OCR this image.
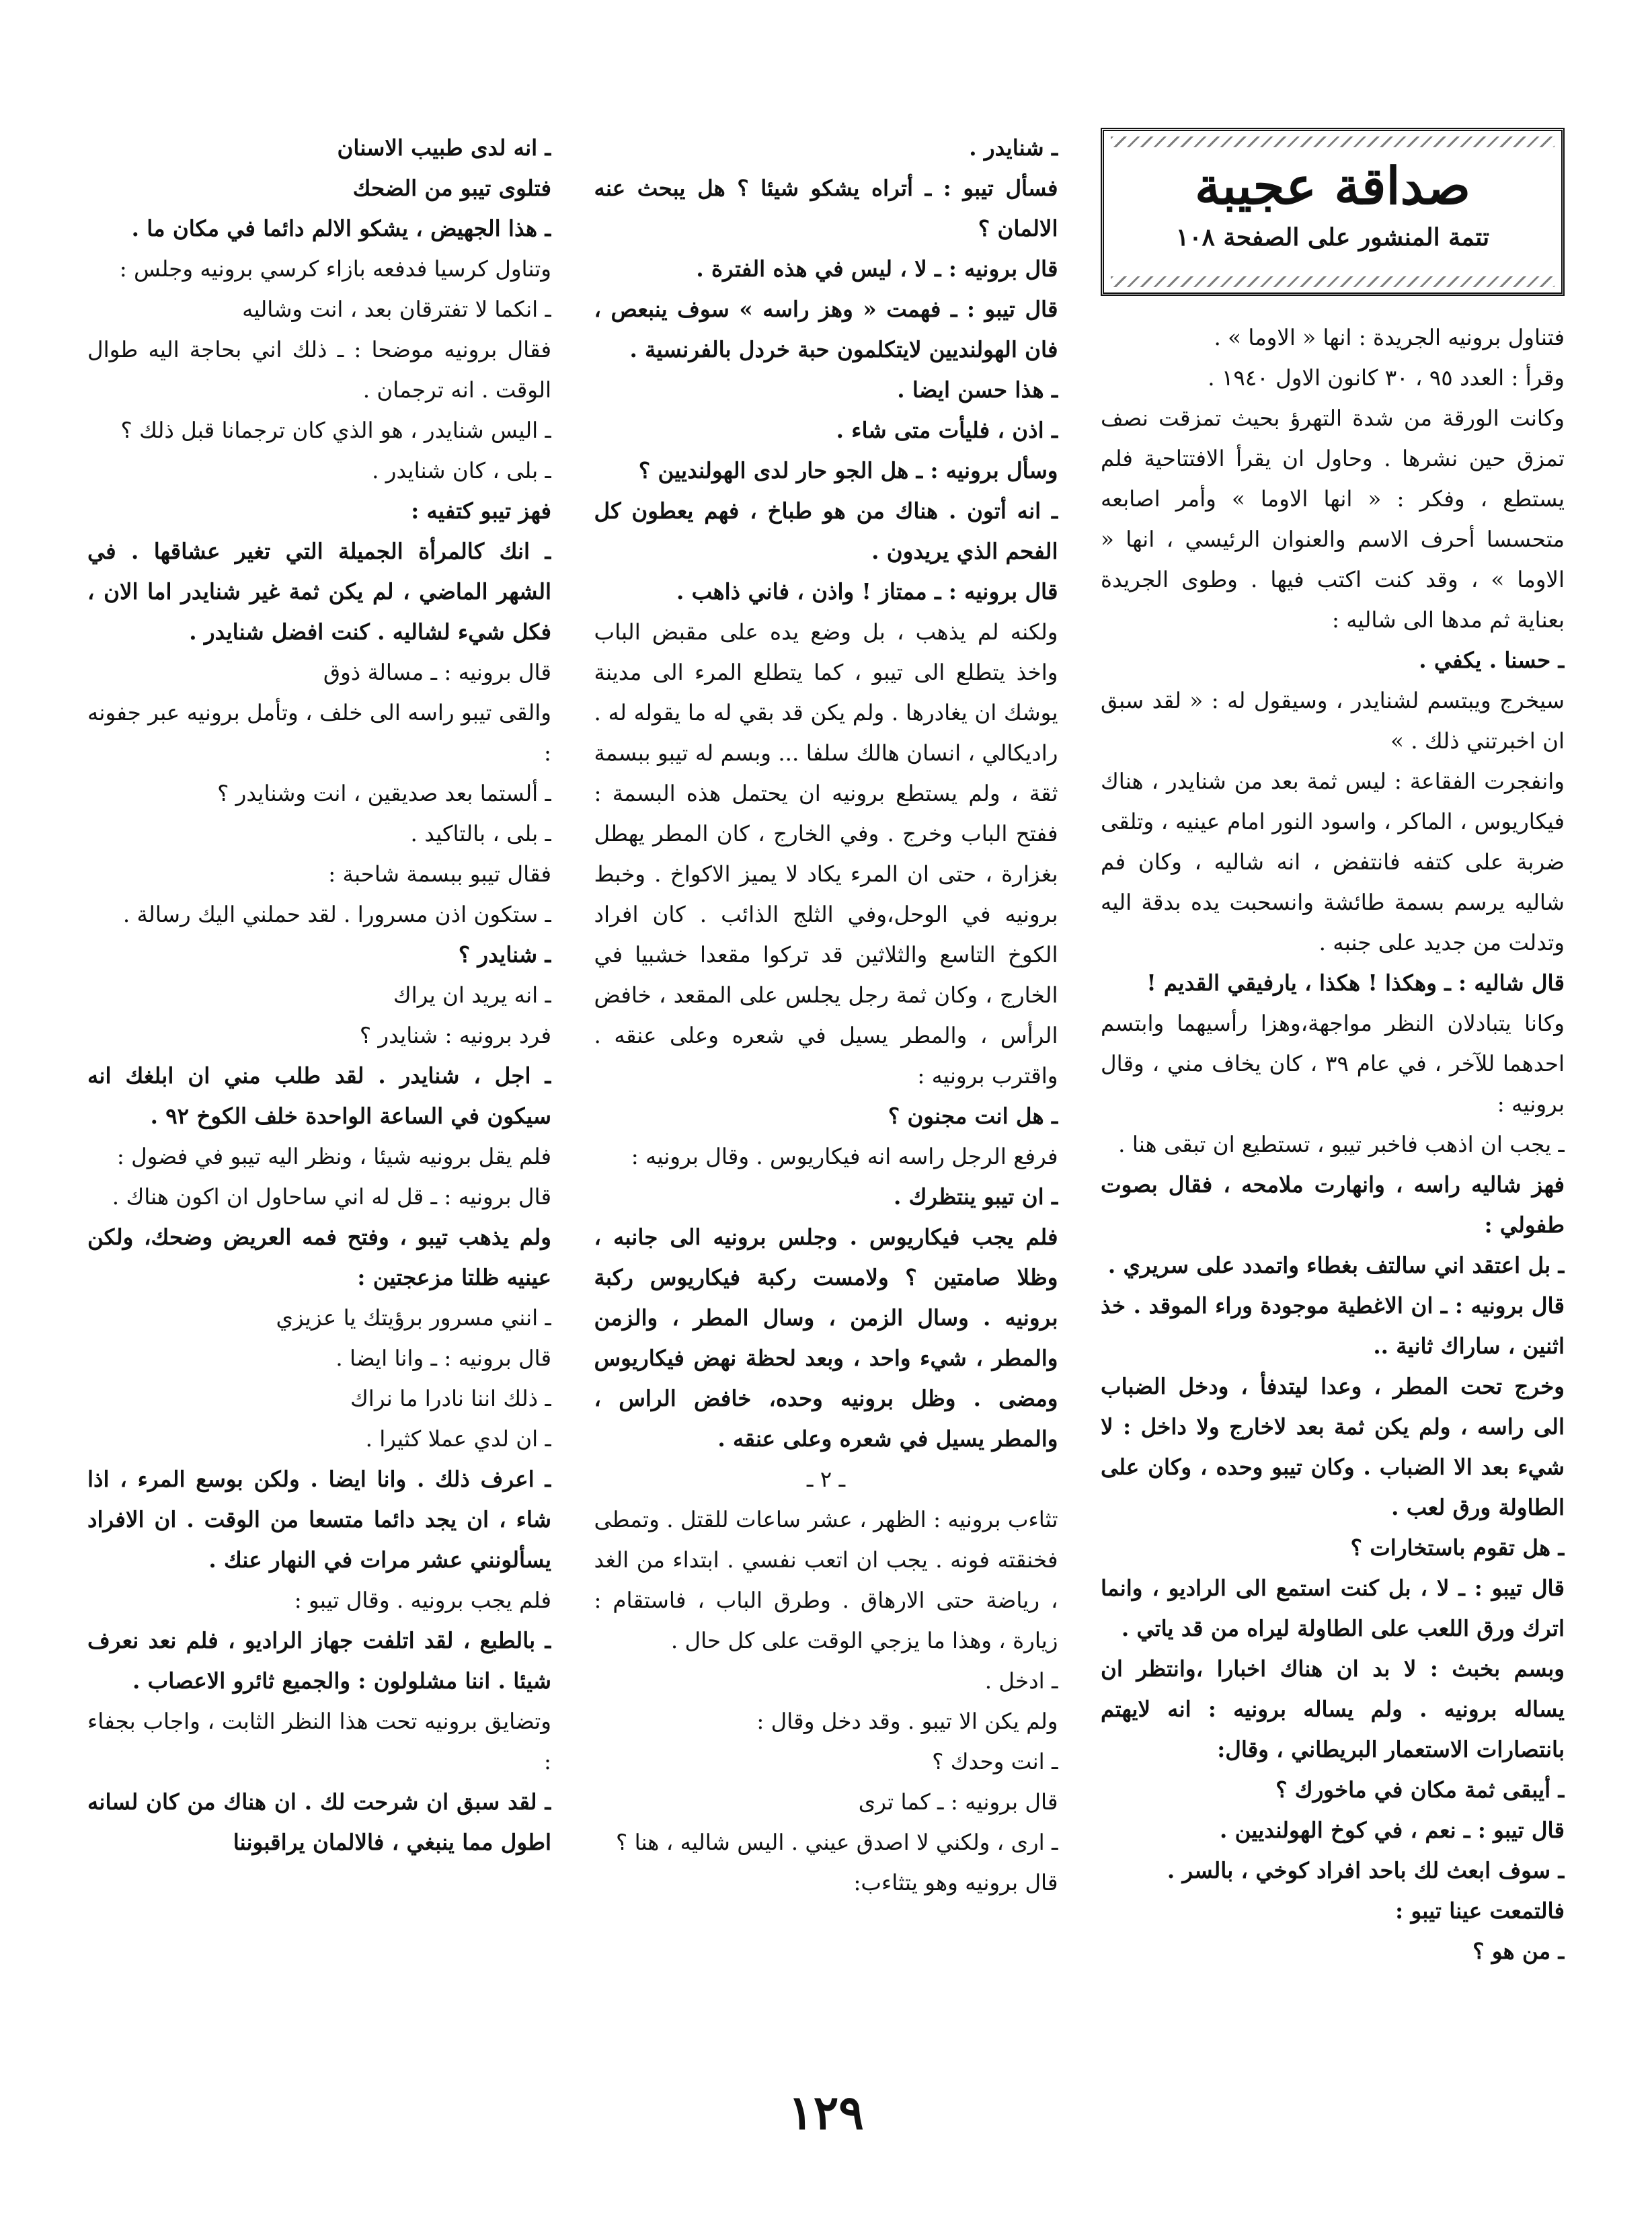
صداقة عجيبة
تتمة المنشور على الصفحة ١٠٨

فتناول برونيه الجريدة : انها « الاوما » .

وقرأ : العدد ٩٥ ، ٣٠ كانون الاول ١٩٤٠ .

وكانت الورقة من شدة التهرؤ بحيث تمزقت نصف تمزق حين نشرها . وحاول ان يقرأ الافتتاحية فلم يستطع ، وفكر : « انها الاوما » وأمر اصابعه متحسسا أحرف الاسم والعنوان الرئيسي ، انها « الاوما » ، وقد كنت اكتب فيها . وطوى الجريدة بعناية ثم مدها الى شاليه :

ـ حسنا . يكفي .

سيخرج ويبتسم لشنايدر ، وسيقول له : « لقد سبق ان اخبرتني ذلك . »

وانفجرت الفقاعة : ليس ثمة بعد من شنايدر ، هناك فيكاريوس ، الماكر ، واسود النور امام عينيه ، وتلقى ضربة على كتفه فانتفض ، انه شاليه ، وكان فم شاليه يرسم بسمة طائشة وانسحبت يده بدقة اليه وتدلت من جديد على جنبه .

قال شاليه : ـ وهكذا ! هكذا ، يارفيقي القديم !

وكانا يتبادلان النظر مواجهة،وهزا رأسيهما وابتسم احدهما للآخر ، في عام ٣٩ ، كان يخاف مني ، وقال برونيه :

ـ يجب ان اذهب فاخبر تيبو ، تستطيع ان تبقى هنا .

فهز شاليه راسه ، وانهارت ملامحه ، فقال بصوت طفولي :

ـ بل اعتقد اني سالتف بغطاء واتمدد على سريري .

قال برونيه : ـ ان الاغطية موجودة وراء الموقد . خذ اثنين ، ساراك ثانية ..

وخرج تحت المطر ، وعدا ليتدفأ ، ودخل الضباب الى راسه ، ولم يكن ثمة بعد لاخارج ولا داخل : لا شيء بعد الا الضباب . وكان تيبو وحده ، وكان على الطاولة ورق لعب .

ـ هل تقوم باستخارات ؟

قال تيبو : ـ لا ، بل كنت استمع الى الراديو ، وانما اترك ورق اللعب على الطاولة ليراه من قد ياتي .

وبسم بخبث : لا بد ان هناك اخبارا ،وانتظر ان يساله برونيه . ولم يساله برونيه : انه لايهتم بانتصارات الاستعمار البريطاني ، وقال:

ـ أيبقى ثمة مكان في ماخورك ؟

قال تيبو : ـ نعم ، في كوخ الهولنديين .

ـ سوف ابعث لك باحد افراد كوخي ، بالسر .

فالتمعت عينا تيبو :

ـ من هو ؟

ـ شنايدر .

فسأل تيبو : ـ أتراه يشكو شيئا ؟ هل يبحث عنه الالمان ؟

قال برونيه : ـ لا ، ليس في هذه الفترة .

قال تيبو : ـ فهمت « وهز راسه » سوف ينبعص ، فان الهولنديين لايتكلمون حبة خردل بالفرنسية .

ـ هذا حسن ايضا .

ـ اذن ، فليأت متى شاء .

وسأل برونيه : ـ هل الجو حار لدى الهولنديين ؟

ـ انه أتون . هناك من هو طباخ ، فهم يعطون كل الفحم الذي يريدون .

قال برونيه : ـ ممتاز ! واذن ، فاني ذاهب .

ولكنه لم يذهب ، بل وضع يده على مقبض الباب واخذ يتطلع الى تيبو ، كما يتطلع المرء الى مدينة يوشك ان يغادرها . ولم يكن قد بقي له ما يقوله له . راديكالي ، انسان هالك سلفا ... وبسم له تيبو ببسمة ثقة ، ولم يستطع برونيه ان يحتمل هذه البسمة : ففتح الباب وخرج . وفي الخارج ، كان المطر يهطل بغزارة ، حتى ان المرء يكاد لا يميز الاكواخ . وخبط برونيه في الوحل،وفي الثلج الذائب . كان افراد الكوخ التاسع والثلاثين قد تركوا مقعدا خشبيا في الخارج ، وكان ثمة رجل يجلس على المقعد ، خافض الرأس ، والمطر يسيل في شعره وعلى عنقه . واقترب برونيه :

ـ هل انت مجنون ؟

فرفع الرجل راسه انه فيكاريوس . وقال برونيه :

ـ ان تيبو ينتظرك .

فلم يجب فيكاريوس . وجلس برونيه الى جانبه ، وظلا صامتين ؟ ولامست ركبة فيكاريوس ركبة برونيه . وسال الزمن ، وسال المطر ، والزمن والمطر ، شيء واحد ، وبعد لحظة نهض فيكاريوس ومضى . وظل برونيه وحده، خافض الراس ، والمطر يسيل في شعره وعلى عنقه .

ـ ٢ ـ

تثاءب برونيه : الظهر ، عشر ساعات للقتل . وتمطى فخنقته فونه . يجب ان اتعب نفسي . ابتداء من الغد ، رياضة حتى الارهاق . وطرق الباب ، فاستقام : زيارة ، وهذا ما يزجي الوقت على كل حال .

ـ ادخل .

ولم يكن الا تيبو . وقد دخل وقال :

ـ انت وحدك ؟

قال برونيه : ـ كما ترى

ـ ارى ، ولكني لا اصدق عيني . اليس شاليه ، هنا ؟

قال برونيه وهو يتثاءب:

ـ انه لدى طبيب الاسنان

فتلوى تيبو من الضحك

ـ هذا الجهيض ، يشكو الالم دائما في مكان ما .

وتناول كرسيا فدفعه بازاء كرسي برونيه وجلس :

ـ انكما لا تفترقان بعد ، انت وشاليه

فقال برونيه موضحا : ـ ذلك اني بحاجة اليه طوال الوقت . انه ترجمان .

ـ اليس شنايدر ، هو الذي كان ترجمانا قبل ذلك ؟

ـ بلى ، كان شنايدر .

فهز تيبو كتفيه :

ـ انك كالمرأة الجميلة التي تغير عشاقها . في الشهر الماضي ، لم يكن ثمة غير شنايدر اما الان ، فكل شيء لشاليه . كنت افضل شنايدر .

قال برونيه : ـ مسالة ذوق

والقى تيبو راسه الى خلف ، وتأمل برونيه عبر جفونه :

ـ ألستما بعد صديقين ، انت وشنايدر ؟

ـ بلى ، بالتاكيد .

فقال تيبو ببسمة شاحبة :

ـ ستكون اذن مسرورا . لقد حملني اليك رسالة .

ـ شنايدر ؟

ـ انه يريد ان يراك

فرد برونيه : شنايدر ؟

ـ اجل ، شنايدر . لقد طلب مني ان ابلغك انه سيكون في الساعة الواحدة خلف الكوخ ٩٢ .

فلم يقل برونيه شيئا ، ونظر اليه تيبو في فضول :

قال برونيه : ـ قل له اني ساحاول ان اكون هناك .

ولم يذهب تيبو ، وفتح فمه العريض وضحك، ولكن عينيه ظلتا مزعجتين :

ـ انني مسرور برؤيتك يا عزيزي

قال برونيه : ـ وانا ايضا .

ـ ذلك اننا نادرا ما نراك

ـ ان لدي عملا كثيرا .

ـ اعرف ذلك . وانا ايضا . ولكن بوسع المرء ، اذا شاء ، ان يجد دائما متسعا من الوقت . ان الافراد يسألونني عشر مرات في النهار عنك .

فلم يجب برونيه . وقال تيبو :

ـ بالطبع ، لقد اتلفت جهاز الراديو ، فلم نعد نعرف شيئا . اننا مشلولون : والجميع ثائرو الاعصاب .

وتضايق برونيه تحت هذا النظر الثابت ، واجاب بجفاء :

ـ لقد سبق ان شرحت لك . ان هناك من كان لسانه اطول مما ينبغي ، فالالمان يراقبوننا

١٢٩
